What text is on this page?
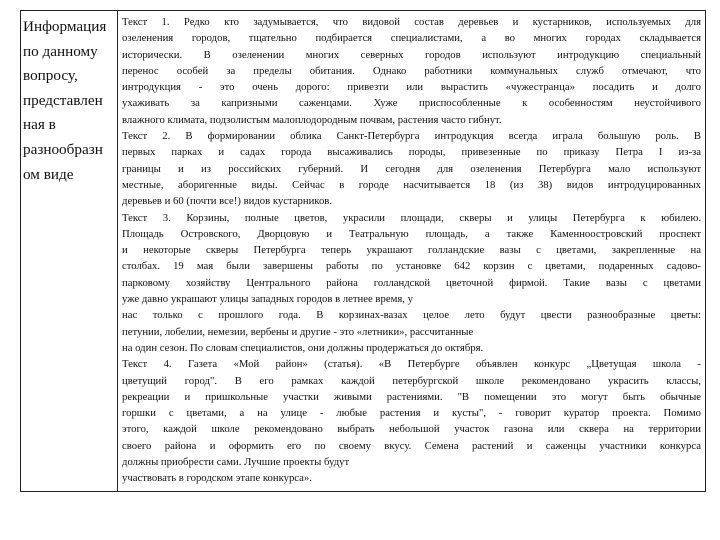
Информация
по данному
вопросу,
представлен
ная в
разнообразн
ом виде

Текст 1. Редко кто задумывается, что видовой состав деревьев и кустарников, используемых для
озеленения городов, тщательно подбирается специалистами, а во многих городах складывается
исторически. В озеленении многих северных городов используют интродукцию специальный
перенос особей за пределы обитания. Однако работники коммунальных служб отмечают, что
интродукция - это очень дорого: привезти или вырастить «чужестранца» посадить и долго
ухаживать за капризными саженцами. Хуже приспособленные к особенностям неустойчивого
влажного климата, подзолистым малоплодородным почвам, растения часто гибнут.
Текст 2. В формировании облика Санкт-Петербурга интродукция всегда играла большую роль. В
первых парках и садах города высаживались породы, привезенные по приказу Петра I из-за
границы и из российских губерний. И сегодня для озеленения Петербурга мало используют
местные, аборигенные виды. Сейчас в городе насчитывается 18 (из 38) видов интродуцированных
деревьев и 60 (почти все!) видов кустарников.
Текст 3. Корзины, полные цветов, украсили площади, скверы и улицы Петербурга к юбилею.
Площадь Островского, Дворцовую и Театральную площадь, а также Каменноостровский проспект
и некоторые скверы Петербурга теперь украшают голландские вазы с цветами, закрепленные на
столбах. 19 мая были завершены работы по установке 642 корзин с цветами, подаренных садово-
парковому хозяйству Центрального района голландской цветочной фирмой. Такие вазы с цветами
уже давно украшают улицы западных городов в летнее время, у
нас только с прошлого года. В корзинах-вазах целое лето будут цвести разнообразные цветы:
петунии, лобелии, немезии, вербены и другие - это «летники», рассчитанные
на один сезон. По словам специалистов, они должны продержаться до октября.
Текст 4. Газета «Мой район» (статья). «В Петербурге объявлен конкурс „Цветущая школа -
цветущий город". В его рамках каждой петербургской школе рекомендовано украсить классы,
рекреации и пришкольные участки живыми растениями. "В помещении это могут быть обычные
горшки с цветами, а на улице - любые растения и кусты", - говорит куратор проекта. Помимо
этого, каждой школе рекомендовано выбрать небольшой участок газона или сквера на территории
своего района и оформить его по своему вкусу. Семена растений и саженцы участники конкурса
должны приобрести сами. Лучшие проекты будут
участвовать в городском этапе конкурса».
